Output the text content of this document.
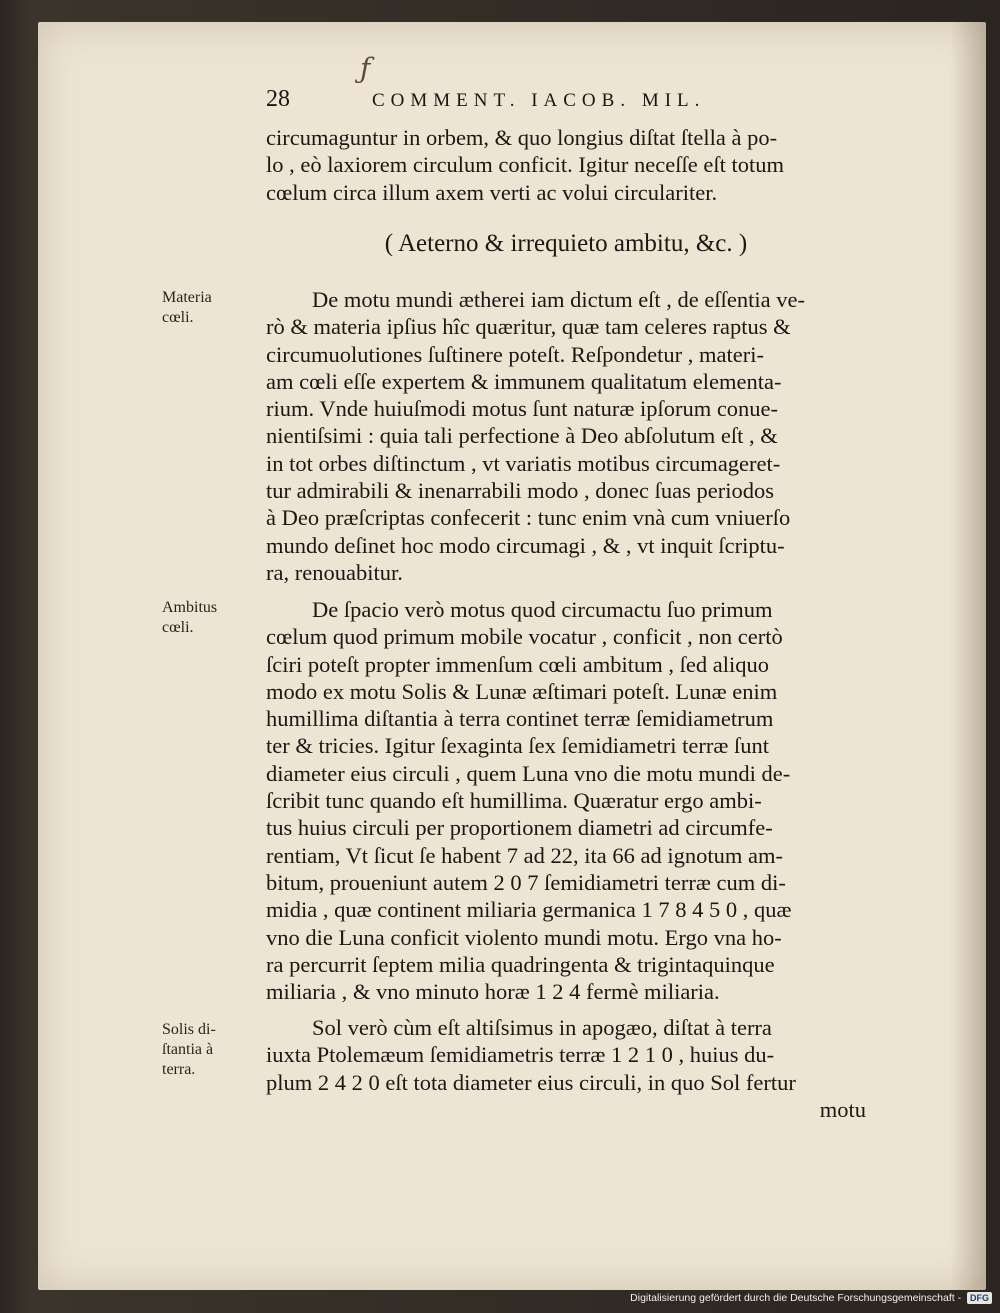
ƒ
28	COMMENT. IACOB. MIL.
circumaguntur in orbem, & quo longius diſtat ſtella à po-
lo , eò laxiorem circulum conficit. Igitur neceſſe eſt totum
cœlum circa illum axem verti ac volui circulariter.
( Aeterno & irrequieto ambitu, &c. )
Materia
cœli.
De motu mundi ætherei iam dictum eſt , de eſſentia ve-
rò & materia ipſius hîc quæritur, quæ tam celeres raptus &
circumuolutiones ſuſtinere poteſt. Reſpondetur , materi-
am cœli eſſe expertem & immunem qualitatum elementa-
rium. Vnde huiuſmodi motus ſunt naturæ ipſorum conue-
nientiſsimi : quia tali perfectione à Deo abſolutum eſt , &
in tot orbes diſtinctum , vt variatis motibus circumageret-
tur admirabili & inenarrabili modo , donec ſuas periodos
à Deo præſcriptas confecerit : tunc enim vnà cum vniuerſo
mundo deſinet hoc modo circumagi , & , vt inquit ſcriptu-
ra, renouabitur.
Ambitus
cœli.
De ſpacio verò motus quod circumactu ſuo primum
cœlum quod primum mobile vocatur , conficit , non certò
ſciri poteſt propter immenſum cœli ambitum , ſed aliquo
modo ex motu Solis & Lunæ æſtimari poteſt. Lunæ enim
humillima diſtantia à terra continet terræ ſemidiametrum
ter & tricies. Igitur ſexaginta ſex ſemidiametri terræ ſunt
diameter eius circuli , quem Luna vno die motu mundi de-
ſcribit tunc quando eſt humillima. Quæratur ergo ambi-
tus huius circuli per proportionem diametri ad circumfe-
rentiam, Vt ſicut ſe habent 7 ad 22, ita 66 ad ignotum am-
bitum, proueniunt autem 2 0 7 ſemidiametri terræ cum di-
midia , quæ continent miliaria germanica 1 7 8 4 5 0 , quæ
vno die Luna conficit violento mundi motu. Ergo vna ho-
ra percurrit ſeptem milia quadringenta & trigintaquinque
miliaria , & vno minuto horæ 1 2 4 fermè miliaria.
Solis di-
ſtantia à
terra.
Sol verò cùm eſt altiſsimus in apogæo, diſtat à terra
iuxta Ptolemæum ſemidiametris terræ 1 2 1 0 , huius du-
plum 2 4 2 0 eſt tota diameter eius circuli, in quo Sol fertur
motu
Digitalisierung gefördert durch die Deutsche Forschungsgemeinschaft - DFG
